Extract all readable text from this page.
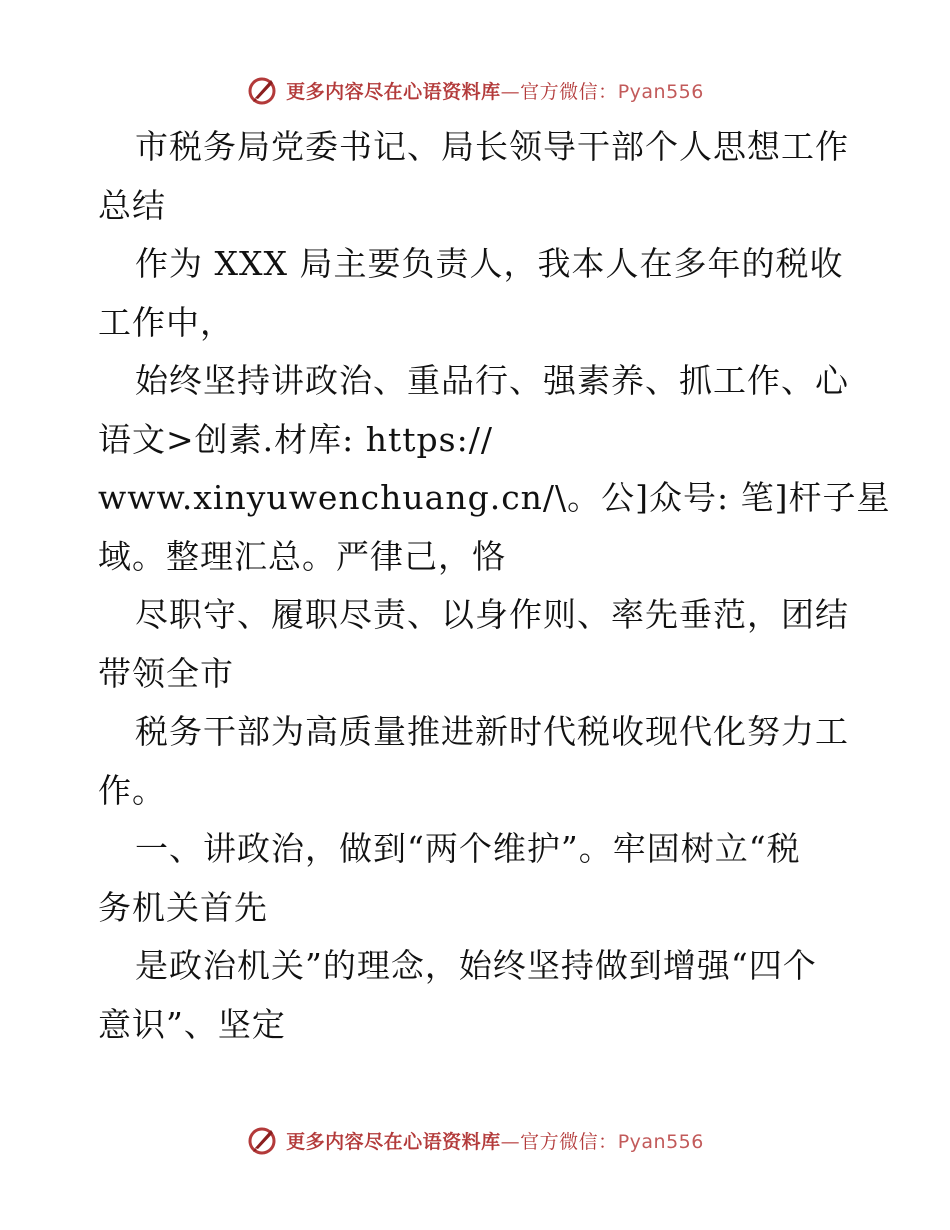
更多内容尽在心语资料库—官方微信：Pyan556
市税务局党委书记、局长领导干部个人思想工作
总结
作为 XXX 局主要负责人，我本人在多年的税收
工作中，
始终坚持讲政治、重品行、强素养、抓工作、心
语文>创素.材库: https://
www.xinyuwenchuang.cn/\。公]众号: 笔]杆子星
域。整理汇总。严律己，恪
尽职守、履职尽责、以身作则、率先垂范，团结
带领全市
税务干部为高质量推进新时代税收现代化努力工
作。
一、讲政治，做到“两个维护”。牢固树立“税
务机关首先
是政治机关”的理念，始终坚持做到增强“四个
意识”、坚定
更多内容尽在心语资料库—官方微信：Pyan556
